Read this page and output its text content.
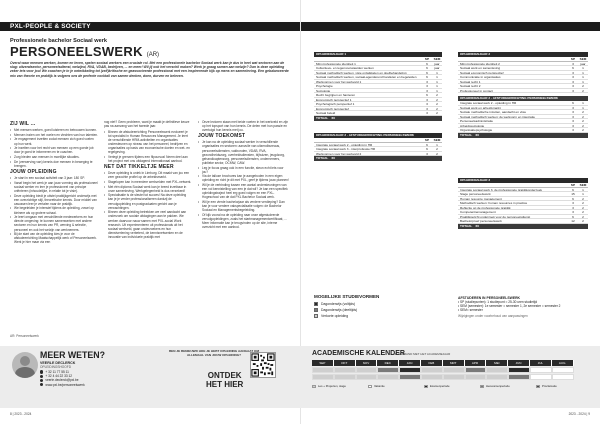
PXL-PEOPLE & SOCIETY
Professionele bachelor Sociaal werk
PERSONEELSWERK (AR)
Overal waar mensen werken, komen en leven, spelen sociaal werkers een cruciale rol. Met een professionele bachelor Sociaal werk kan je dus in heel wat sectoren aan de slag: uitzendsector, personeelsdienst, welzijnd, RVA, VDAB, bedrijven, ... en meer! Wil jij ook het verschil maken? Werk je graag samen aan welzijn? Dan is deze opleiding zeker iets voor jou! We coachen je in je ontwikkeling tot (zelf)kritische en geassocieerde professional met een inspirerende kijk op mens en samenleving. Een gebalanceerde mix van theorie en praktijk is volgens ons de perfecte cocktail van samen denken, doen, durven en beleven.
ZIJ WIL ...
• Met mensen werken, goed luisteren en betrouwen kunnen.
• Mensen inzien om het voelen en vlechten van hun talenten.
• Je engagement inzetten zodat mensen zich goed voelen op hun werk.
• Je inzetten voor het recht van mensen op een goede job door je goed te informeren en te coachen.
• Zorg bieden aan mensen in moeilijke situaties.
• De (verwerving van) kennis doe mensen in beweging te brengen.
JOUW OPLEIDING
• Je start in een sociaal activiteit van 3 jaar: 180 SP.
• Vanaf begin het werk je aan jouw vorming als professioneel sociaal werker en leer je professioneel van principe oriënteren (inhoudelijke, in relatie tot je visie).
• Deze opleiding biedt je uitstel praktijkgericht onderwijs met een overzichtige stijl, theoretische kennis. Door middel van casussen leer je vertalen naar de praktijk.
• We begeleiden je intensief tijdens de opleiding, zowel op kleinere als op grotere schaal.
• Je leert omgaan met verschillende medewerkers en hun directe omgeving: te kunnen samenwerken met andere sectoren en hun kennis van PR, werving & selectie, personeel en ook het welzijn van werknemers.
• Bij de start van de opleiding kies je voor de afstudeerrichting Maatschappelijk werk of Personeelswerk. Werk je hier maar via een

nog niet? Geen probleem, want je maakt je definitieve keuze pas na aanvang van het tweede jaar.

• Binnen de afstudeerrichting Personeelswerk evolueert je tot specialist in Human Resources Management. Je leert de verschillende HRM-activiteiten en organisaties ondersteunen op niveau van het personeel, bedrijven en organisaties op basis van economische doelen en wet- en regelgeving.
• Verlegt je grenzen tijdens een flipcursus! Neem deel aan het project met ons uitdagend internationaal aanbod.
NET DAT TIKKELTJE MEER
• Deze opleiding is uniek in Limburg. Dit maakt van jou een zeer gezochte profiel op de arbeidsmarkt.
• Stagelopen kan in meerdere werkvelden met PXL-netwerk.
• Met één diploma Sociaal werk kan je breed inzetbaar in onze samenleving. Werkgelegenheid is dus verzekerd!
• Specialisatie is de sleutel tot succes! Na deze opleiding kan je je verder professionaliseren dankzij de vervolgopleiding en postgraduaten gericht aan je verwachtingen.
• Binnen deze opleiding betrekken we veel aandacht aan onderzoek om sociale uitdagingen aan te pakken. We werken daarvoor nauw samen met PXL-social Work research. Uit experimenteren uit professionals uit het sociaal werkveld, gaan onderzoekers en hun dienstverlening verbeterd, de kennisnetwerken en de innovatie van individuele praktijk met
• Onze lectoren staan met beide voeten in het werkveld en zijn op het topsport van hun kennis. De delen met hun passie en overtuigd hun kennis met jou.
JOUW TOEKOMST
• Je kan na de opleiding sociaal werker in verschillende organisaties en sectoren: aanvulle van uitzendbureaus, personeelsdiensten, vakbonden, VDAB, RVA, gezondheidszorg, overheidsdiensten, bijhuizen, jeugdzorg, gehandicaptenzorg, personeelsdiensten, ondernemers, publieke sector, OCMW, CAW.
• Leg je focus graag ook in een functie, steun echt iets voor jou?
• Via de talloze brochures kan je aangeboden in een eigen opleiding en richt je dit met PXL, geef je tijdens jouw plannen!
• Wil je de verbinding tussen een aantal ondersteuningen van een vol kennistelling van een je dat wil? Je kan een specifiek opleidingstraject heel erg goed volgen en een PXL-Hogeschool van de dat PXL Bachelor Sociaal werk.
• Wil je een vierde bachelorjaar als verdere verdieping? Dan kan je voor verdere vakspecialisatie volgen: de Bachelor Sociaal en Managementsbegeleiding.
• Of kijk vooral na de opleiding naar onze afgestudeerde vervolgopleidingen, zoals het startmanagementcertificaat, ... Meer informatie kan je terugvinden op de site, interne overzicht met een aanbod.
AR: Personeelswerk
OPLEIDINGSJAAR 1
SP	SEM
Mijn professionele identiteit 1	6	jaar
Collectieve- en tegenvoorwaarden werken	6	jaar
Sociaal methodisch werken, visie ontwikkelen en doelbehandeling	6	1
Sociaal methodisch werken, sociaal-agenderend handelen en begeleiden	6	1
Werkvormen voor het werkveld 1	3	1
Psychologie	3	1
Sociologie	3	1
Recht begrijpen en hanteren	6	2
Economisch perspectief 1	3	2
Psychologisch perspectief 1	3	2
Economisch perspectief	3	2
Sociaal beleid	3	2
TOTAAL	60
OPLEIDINGSJAAR 2 - AFSTUDEERRICHTING PERSONEELSWERK
SP	SEM
Integrale sociaal werk 2 - opleiding in HR	6	1
Integrale sociaal werk 3 - interprofessie HR	6	2
Werkvormen voor het werkveld 2	3	2
TOTAAL	60
OPLEIDINGSJAAR 2
SP	SEM
Mijn professionele identiteit 2	3	jaar
Sociaal werk en samenleving	6	1
Sociaal economisch perspectief	3	1
Communicatie in organisaties	3	1
Sociaal recht 1	3	1
Sociaal recht 2	3	2
Professioneel in contact	3	2
OPLEIDINGSJAAR 2 - AFSTUDEERRICHTING PERSONEELSWERK
Integrale sociaal werk 2 - opleiding in HR	6	1
Sociaal werk en arbeidsmarkt	3	1
Sociale methodische inzetten, aandacht en visie	3	2
Sociaal methodisch werken: de werkvorm en integratie	3	2
Personeelsadministratie	3	2
Arbeidssociologie	3	2
Organisatiepsychologie	3	2
TOTAAL	60
OPLEIDINGSJAAR 3
SP	SEM
Integrale sociaal werk 3, de professionele praktijkonderzoek	6	1
Stage personeelswerk	15	1
Human resource management	6	2
Methodisch werken: human resources in practice	3	2
Reflectie op de professionele praktijk	3	2
Competentiemanagement	3	2
Praktijkgericht onderzoek voor de personeelsdienst	6	2
Bachelorproef personeelswerk	12	2
TOTAAL	60
MOGELIJKE STUDIEVORMEN
Dagonderwijs (voltijds)
Dagonderwijs (deeltijds)
Verkorte opleiding
AFSTUDEREN IN PERSONEELSWERK
• SP (studiepunten): 1 studiepunt = 25-30 uren studietijd
• SEM (semester): 1e semester = semester 1, 2e semester = semester 2
• SEM= semester
Wijzigingen onder voorbehoud van aanpassingen
MEER WETEN?
VEERLE DECLERCK
OPLEIDINGSHOOFD
+ 32 11 77 55 11
+ 32 4 44 22 33 12
veerle.declerck@pxl.be
www.pxl.be/personeelswerk
BEN JE BENIEUWD HOE JE HEBT OPLEIDING AANGAAT OM ALLEMAAL VAN JOUW OPLEIDING?
ONTDEK
HET HIER
ACADEMISCHE KALENDER
IN VERBAND MET HET ACADEMIEJAAR
SEP	OKT	NOV	DEC	JAN	FEB	MRT	APR	MEI	JUN	JUL	AUG
Les + Projecten, stage	Vakantie	Examenperiode	Herexamenperiode	Proclamatie
8 | 2023 - 2024	2023 - 2024 | 9
